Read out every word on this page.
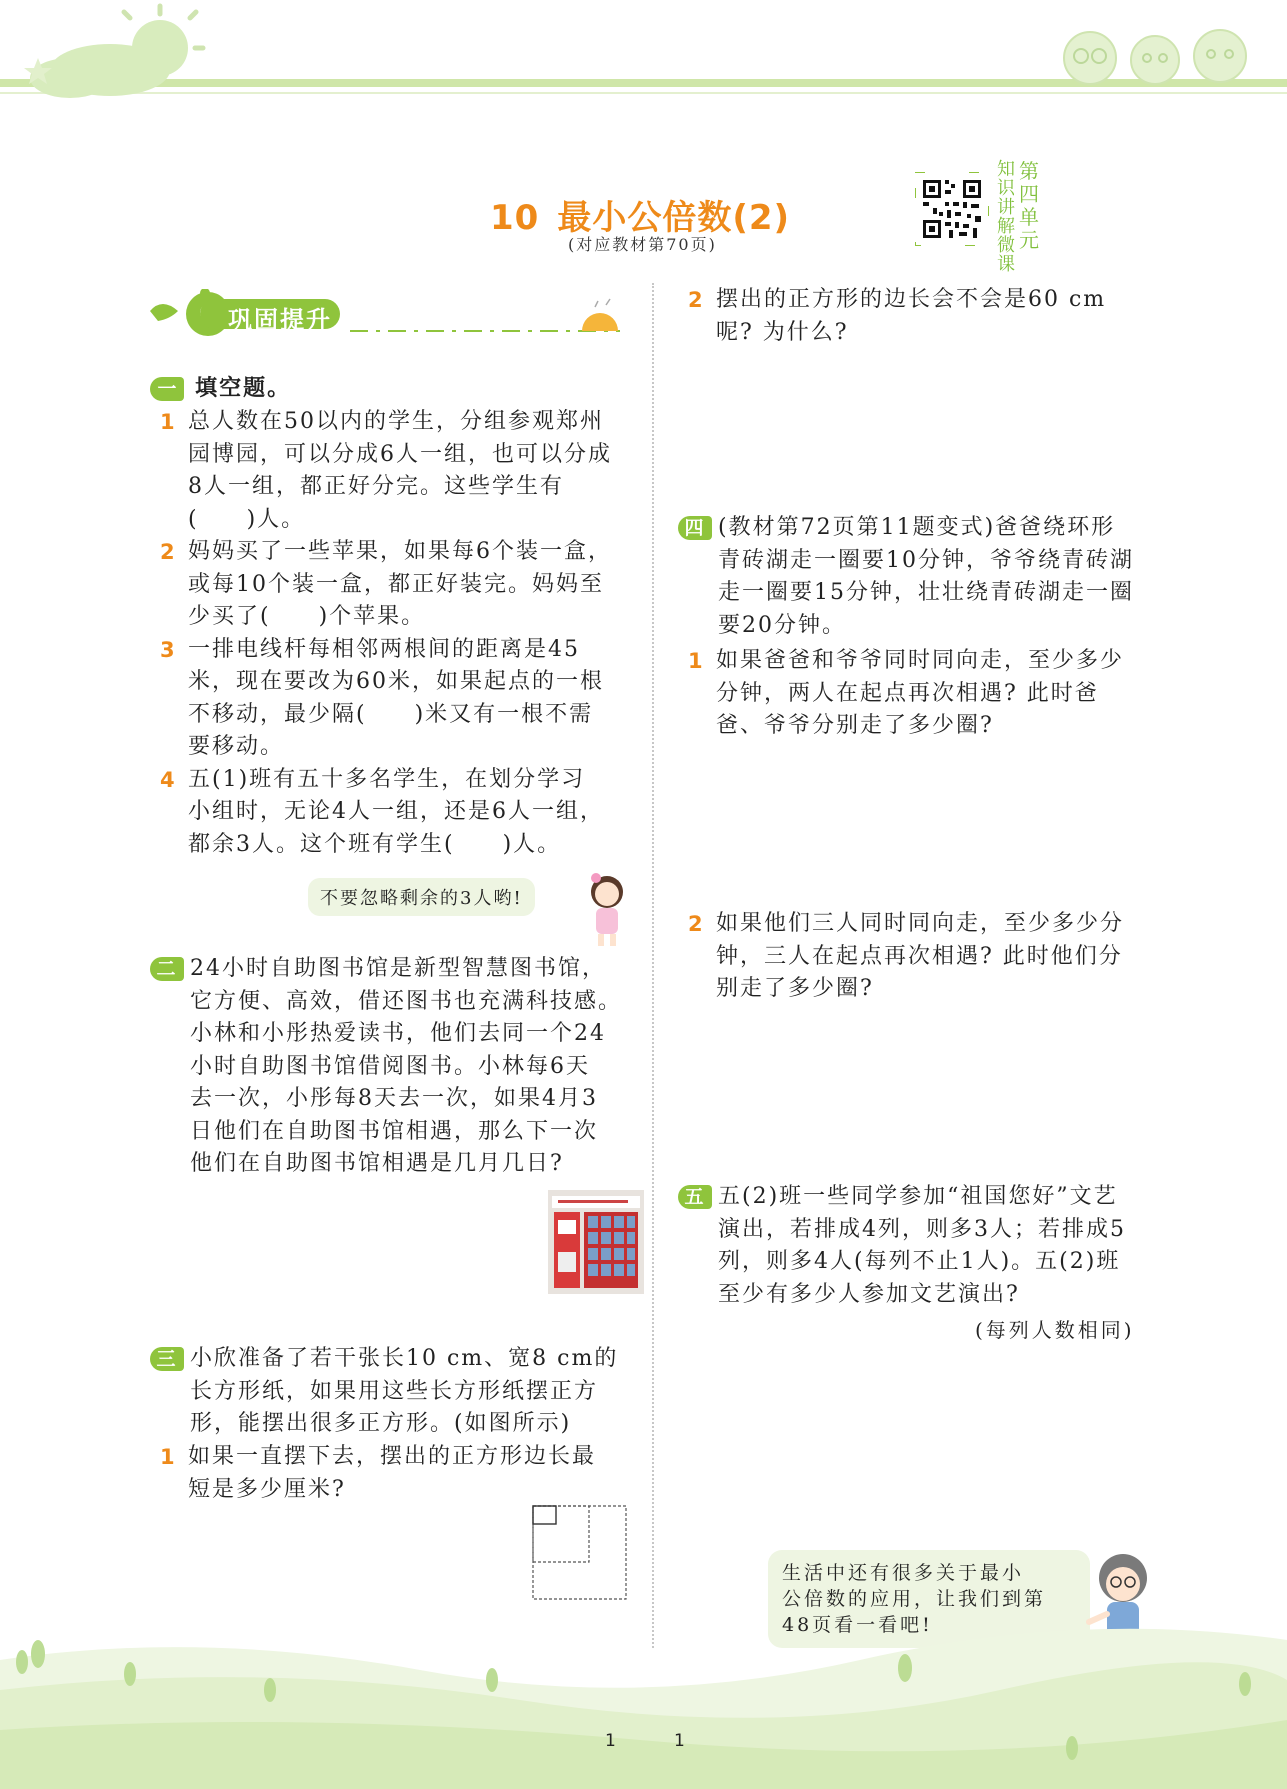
10 最小公倍数(2)
(对应教材第70页)
知
识
讲
解
微
课
第
四
单
元
巩固提升
一 填空题。
1 总人数在50以内的学生，分组参观郑州
园博园，可以分成6人一组，也可以分成
8人一组，都正好分完。这些学生有
(　　)人。
2 妈妈买了一些苹果，如果每6个装一盒，
或每10个装一盒，都正好装完。妈妈至
少买了(　　)个苹果。
3 一排电线杆每相邻两根间的距离是45
米，现在要改为60米，如果起点的一根
不移动，最少隔(　　)米又有一根不需
要移动。
4 五(1)班有五十多名学生，在划分学习
小组时，无论4人一组，还是6人一组，
都余3人。这个班有学生(　　)人。
不要忽略剩余的3人哟!
二 24小时自助图书馆是新型智慧图书馆，
它方便、高效，借还图书也充满科技感。
小林和小彤热爱读书，他们去同一个24
小时自助图书馆借阅图书。小林每6天
去一次，小彤每8天去一次，如果4月3
日他们在自助图书馆相遇，那么下一次
他们在自助图书馆相遇是几月几日?
三 小欣准备了若干张长10 cm、宽8 cm的
长方形纸，如果用这些长方形纸摆正方
形，能摆出很多正方形。(如图所示)
1 如果一直摆下去，摆出的正方形边长最
短是多少厘米?
2 摆出的正方形的边长会不会是60 cm
呢? 为什么?
四 (教材第72页第11题变式)爸爸绕环形
青砖湖走一圈要10分钟，爷爷绕青砖湖
走一圈要15分钟，壮壮绕青砖湖走一圈
要20分钟。
1 如果爸爸和爷爷同时同向走，至少多少
分钟，两人在起点再次相遇? 此时爸
爸、爷爷分别走了多少圈?
2 如果他们三人同时同向走，至少多少分
钟，三人在起点再次相遇? 此时他们分
别走了多少圈?
五 五(2)班一些同学参加“祖国您好”文艺
演出，若排成4列，则多3人；若排成5
列，则多4人(每列不止1人)。五(2)班
至少有多少人参加文艺演出?
(每列人数相同)
生活中还有很多关于最小
公倍数的应用，让我们到第
48页看一看吧!
1	1
